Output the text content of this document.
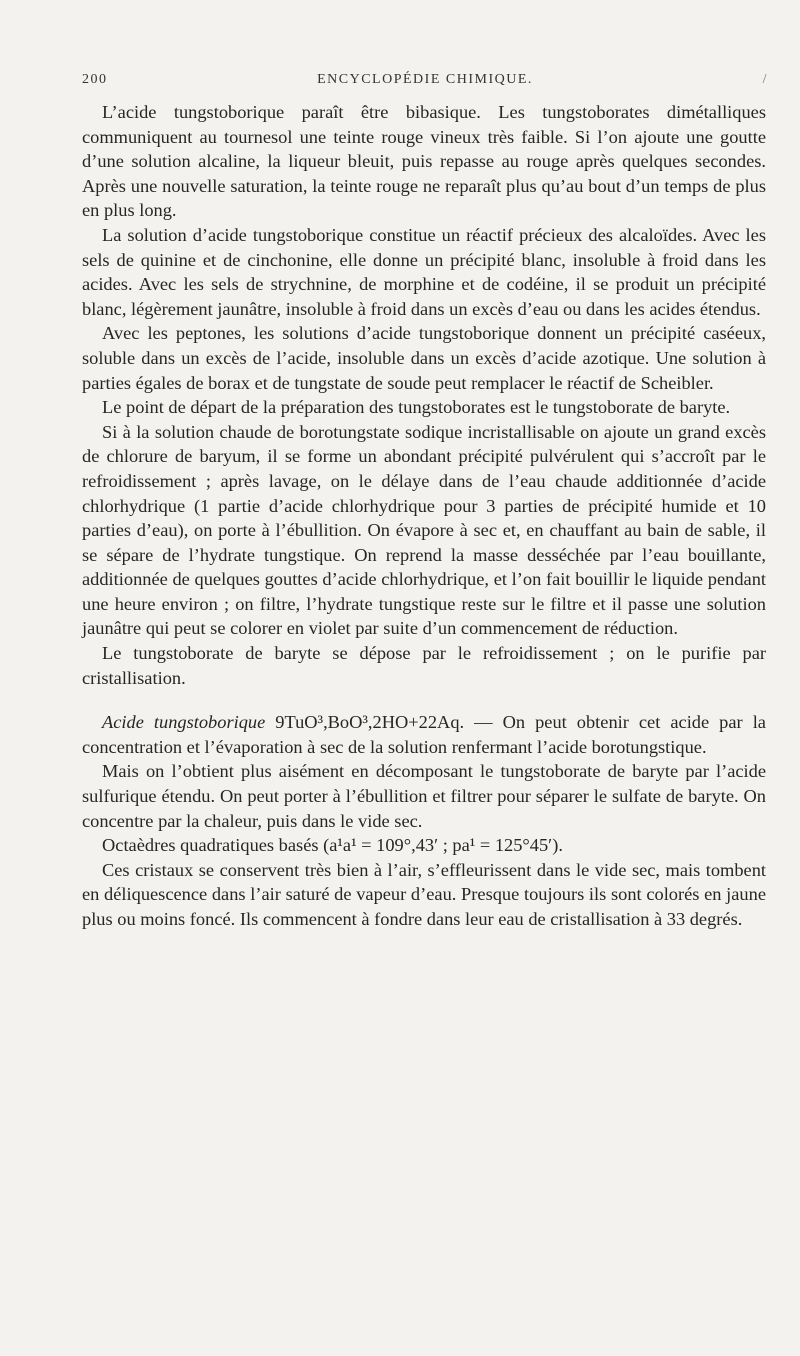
200	ENCYCLOPÉDIE CHIMIQUE.	/

L’acide tungstoborique paraît être bibasique. Les tungstoborates dimétalliques communiquent au tournesol une teinte rouge vineux très faible. Si l’on ajoute une goutte d’une solution alcaline, la liqueur bleuit, puis repasse au rouge après quelques secondes. Après une nouvelle saturation, la teinte rouge ne reparaît plus qu’au bout d’un temps de plus en plus long.

La solution d’acide tungstoborique constitue un réactif précieux des alcaloïdes. Avec les sels de quinine et de cinchonine, elle donne un précipité blanc, insoluble à froid dans les acides. Avec les sels de strychnine, de morphine et de codéine, il se produit un précipité blanc, légèrement jaunâtre, insoluble à froid dans un excès d’eau ou dans les acides étendus.

Avec les peptones, les solutions d’acide tungstoborique donnent un précipité caséeux, soluble dans un excès de l’acide, insoluble dans un excès d’acide azotique. Une solution à parties égales de borax et de tungstate de soude peut remplacer le réactif de Scheibler.

Le point de départ de la préparation des tungstoborates est le tungstoborate de baryte.

Si à la solution chaude de borotungstate sodique incristallisable on ajoute un grand excès de chlorure de baryum, il se forme un abondant précipité pulvérulent qui s’accroît par le refroidissement ; après lavage, on le délaye dans de l’eau chaude additionnée d’acide chlorhydrique (1 partie d’acide chlorhydrique pour 3 parties de précipité humide et 10 parties d’eau), on porte à l’ébullition. On évapore à sec et, en chauffant au bain de sable, il se sépare de l’hydrate tungstique. On reprend la masse desséchée par l’eau bouillante, additionnée de quelques gouttes d’acide chlorhydrique, et l’on fait bouillir le liquide pendant une heure environ ; on filtre, l’hydrate tungstique reste sur le filtre et il passe une solution jaunâtre qui peut se colorer en violet par suite d’un commencement de réduction.

Le tungstoborate de baryte se dépose par le refroidissement ; on le purifie par cristallisation.

Acide tungstoborique 9TuO³,BoO³,2HO+22Aq. — On peut obtenir cet acide par la concentration et l’évaporation à sec de la solution renfermant l’acide borotungstique.

Mais on l’obtient plus aisément en décomposant le tungstoborate de baryte par l’acide sulfurique étendu. On peut porter à l’ébullition et filtrer pour séparer le sulfate de baryte. On concentre par la chaleur, puis dans le vide sec.

Octaèdres quadratiques basés (a¹a¹ = 109°,43′ ; pa¹ = 125°45′).

Ces cristaux se conservent très bien à l’air, s’effleurissent dans le vide sec, mais tombent en déliquescence dans l’air saturé de vapeur d’eau. Presque toujours ils sont colorés en jaune plus ou moins foncé. Ils commencent à fondre dans leur eau de cristallisation à 33 degrés.
